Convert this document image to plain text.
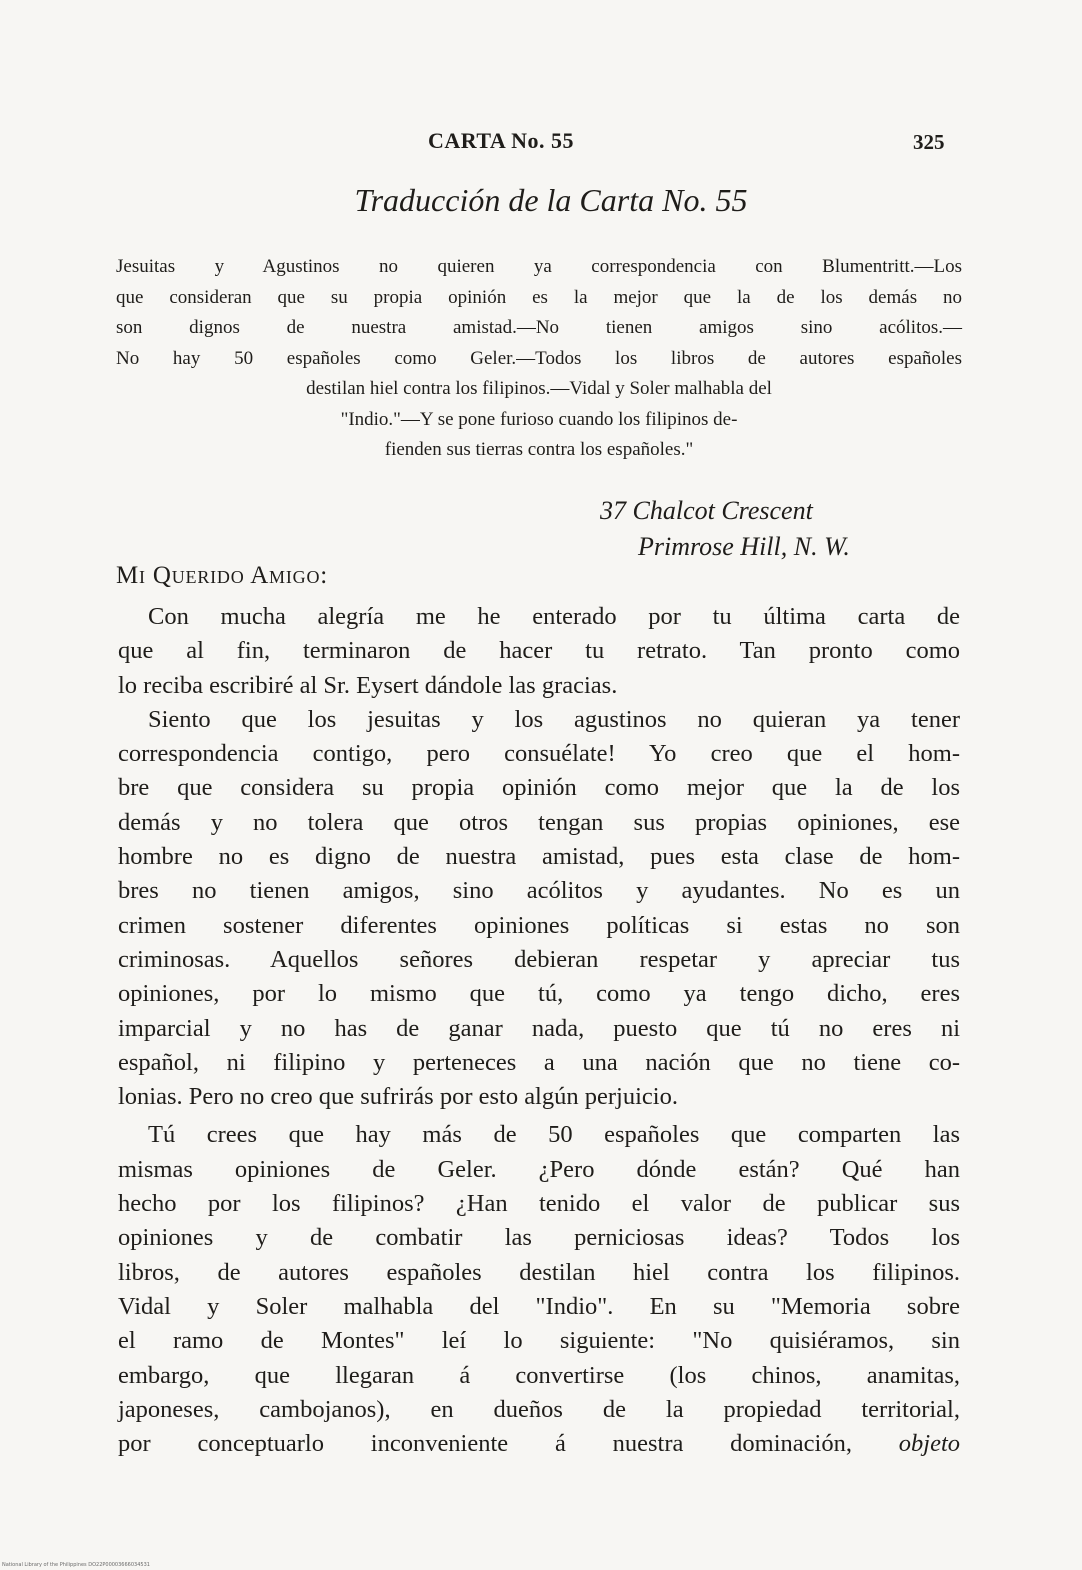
CARTA No. 55	325
Traducción de la Carta No. 55
Jesuitas y Agustinos no quieren ya correspondencia con Blumentritt.—Los
que consideran que su propia opinión es la mejor que la de los demás no
son dignos de nuestra amistad.—No tienen amigos sino acólitos.—
No hay 50 españoles como Geler.—Todos los libros de autores españoles
destilan hiel contra los filipinos.—Vidal y Soler malhabla del
"Indio."—Y se pone furioso cuando los filipinos de-
fienden sus tierras contra los españoles."
37 Chalcot Crescent
Primrose Hill, N. W.
Mi Querido Amigo:

Con mucha alegría me he enterado por tu última carta de
que al fin, terminaron de hacer tu retrato. Tan pronto como
lo reciba escribiré al Sr. Eysert dándole las gracias.

Siento que los jesuitas y los agustinos no quieran ya tener
correspondencia contigo, pero consuélate! Yo creo que el hom-
bre que considera su propia opinión como mejor que la de los
demás y no tolera que otros tengan sus propias opiniones, ese
hombre no es digno de nuestra amistad, pues esta clase de hom-
bres no tienen amigos, sino acólitos y ayudantes. No es un
crimen sostener diferentes opiniones políticas si estas no son
criminosas. Aquellos señores debieran respetar y apreciar tus
opiniones, por lo mismo que tú, como ya tengo dicho, eres
imparcial y no has de ganar nada, puesto que tú no eres ni
español, ni filipino y perteneces a una nación que no tiene co-
lonias. Pero no creo que sufrirás por esto algún perjuicio.

Tú crees que hay más de 50 españoles que comparten las
mismas opiniones de Geler. ¿Pero dónde están? Qué han
hecho por los filipinos? ¿Han tenido el valor de publicar sus
opiniones y de combatir las perniciosas ideas? Todos los
libros, de autores españoles destilan hiel contra los filipinos.
Vidal y Soler malhabla del "Indio". En su "Memoria sobre
el ramo de Montes" leí lo siguiente: "No quisiéramos, sin
embargo, que llegaran á convertirse (los chinos, anamitas,
japoneses, cambojanos), en dueños de la propiedad territorial,
por conceptuarlo inconveniente á nuestra dominación, objeto

National Library of the Philippines DO22P00003666034531
